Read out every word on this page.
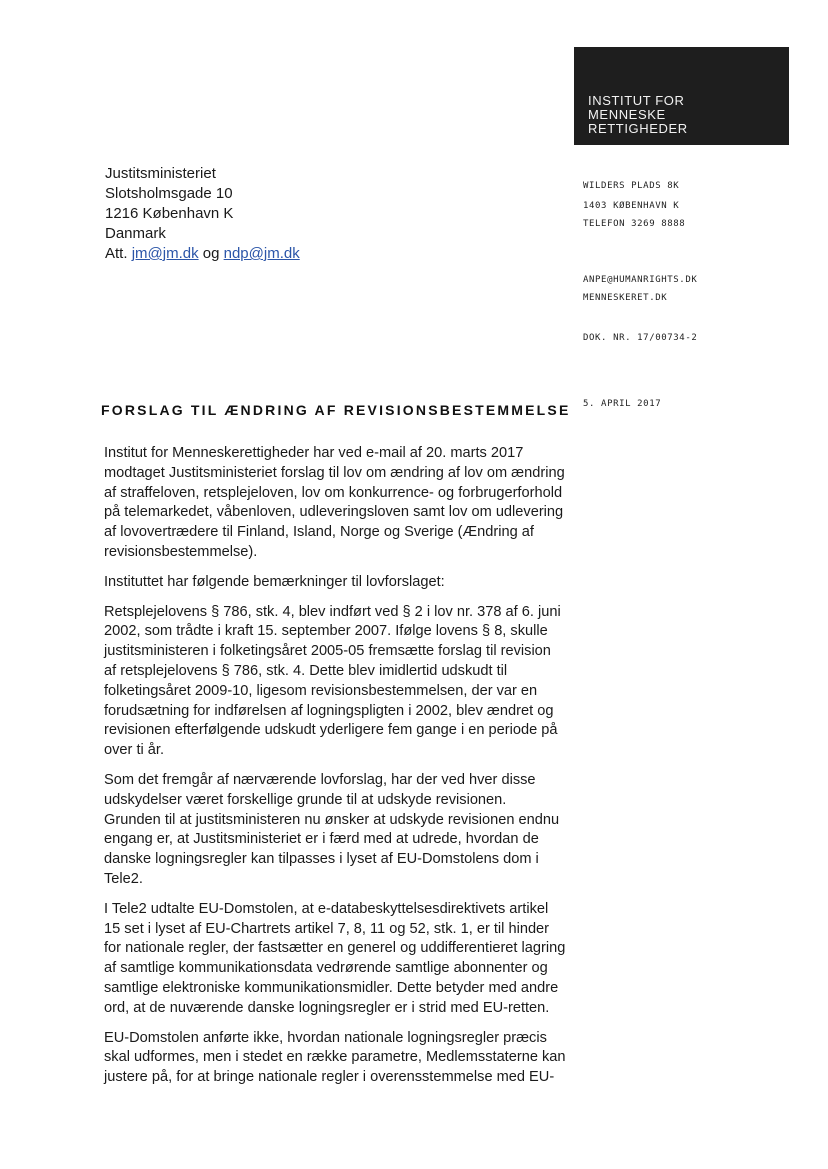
INSTITUT FOR
MENNESKE
RETTIGHEDER
Justitsministeriet
Slotsholmsgade 10
1216 København K
Danmark
Att. jm@jm.dk og ndp@jm.dk
WILDERS PLADS 8K
1403 KØBENHAVN K
TELEFON 3269 8888
ANPE@HUMANRIGHTS.DK
MENNESKERET.DK
DOK. NR. 17/00734-2
5. APRIL 2017
FORSLAG TIL ÆNDRING AF REVISIONSBESTEMMELSE

Institut for Menneskerettigheder har ved e-mail af 20. marts 2017 modtaget Justitsministeriet forslag til lov om ændring af lov om ændring af straffeloven, retsplejeloven, lov om konkurrence- og forbrugerforhold på telemarkedet, våbenloven, udleveringsloven samt lov om udlevering af lovovertrædere til Finland, Island, Norge og Sverige (Ændring af revisionsbestemmelse).

Instituttet har følgende bemærkninger til lovforslaget:

Retsplejelovens § 786, stk. 4, blev indført ved § 2 i lov nr. 378 af 6. juni 2002, som trådte i kraft 15. september 2007. Ifølge lovens § 8, skulle justitsministeren i folketingsåret 2005-05 fremsætte forslag til revision af retsplejelovens § 786, stk. 4. Dette blev imidlertid udskudt til folketingsåret 2009-10, ligesom revisionsbestemmelsen, der var en forudsætning for indførelsen af logningspligten i 2002, blev ændret og revisionen efterfølgende udskudt yderligere fem gange i en periode på over ti år.

Som det fremgår af nærværende lovforslag, har der ved hver disse udskydelser været forskellige grunde til at udskyde revisionen. Grunden til at justitsministeren nu ønsker at udskyde revisionen endnu engang er, at Justitsministeriet er i færd med at udrede, hvordan de danske logningsregler kan tilpasses i lyset af EU-Domstolens dom i Tele2.

I Tele2 udtalte EU-Domstolen, at e-databeskyttelsesdirektivets artikel 15 set i lyset af EU-Chartrets artikel 7, 8, 11 og 52, stk. 1, er til hinder for nationale regler, der fastsætter en generel og uddifferentieret lagring af samtlige kommunikationsdata vedrørende samtlige abonnenter og samtlige elektroniske kommunikationsmidler. Dette betyder med andre ord, at de nuværende danske logningsregler er i strid med EU-retten.

EU-Domstolen anførte ikke, hvordan nationale logningsregler præcis skal udformes, men i stedet en række parametre, Medlemsstaterne kan justere på, for at bringe nationale regler i overensstemmelse med EU-
